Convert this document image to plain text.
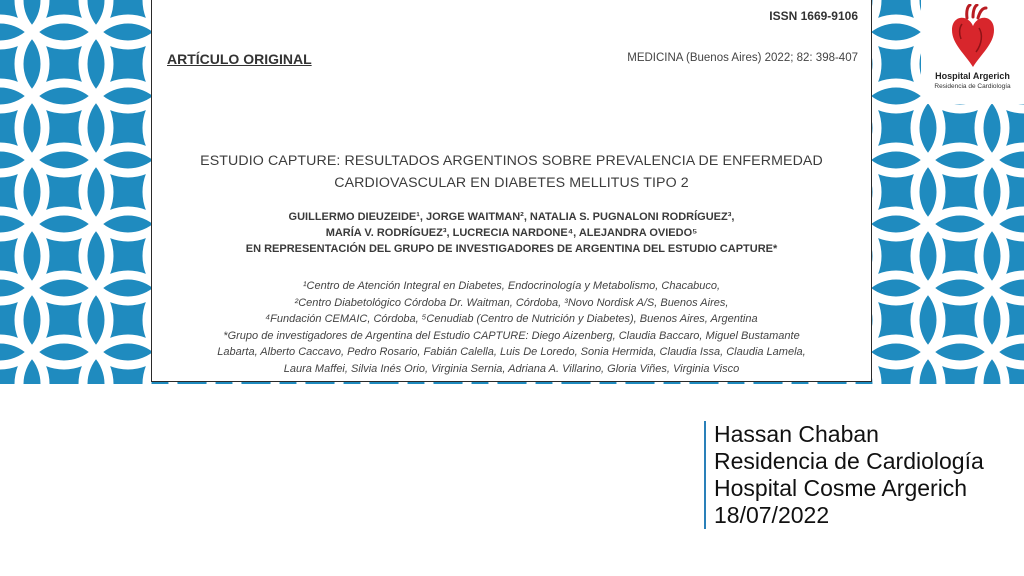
ISSN 1669-9106
ARTÍCULO ORIGINAL	MEDICINA (Buenos Aires) 2022; 82: 398-407
ESTUDIO CAPTURE: RESULTADOS ARGENTINOS SOBRE PREVALENCIA DE ENFERMEDAD
CARDIOVASCULAR EN DIABETES MELLITUS TIPO 2
GUILLERMO DIEUZEIDE¹, JORGE WAITMAN², NATALIA S. PUGNALONI RODRÍGUEZ³,
MARÍA V. RODRÍGUEZ³, LUCRECIA NARDONE⁴, ALEJANDRA OVIEDO⁵
EN REPRESENTACIÓN DEL GRUPO DE INVESTIGADORES DE ARGENTINA DEL ESTUDIO CAPTURE*
¹Centro de Atención Integral en Diabetes, Endocrinología y Metabolismo, Chacabuco,
²Centro Diabetológico Córdoba Dr. Waitman, Córdoba, ³Novo Nordisk A/S, Buenos Aires,
⁴Fundación CEMAIC, Córdoba, ⁵Cenudiab (Centro de Nutrición y Diabetes), Buenos Aires, Argentina
*Grupo de investigadores de Argentina del Estudio CAPTURE: Diego Aizenberg, Claudia Baccaro, Miguel Bustamante
Labarta, Alberto Caccavo, Pedro Rosario, Fabián Calella, Luis De Loredo, Sonia Hermida, Claudia Issa, Claudia Lamela,
Laura Maffei, Silvia Inés Orio, Virginia Sernia, Adriana A. Villarino, Gloria Viñes, Virginia Visco
Hospital Argerich
Residencia de Cardiología
Hassan Chaban
Residencia de Cardiología
Hospital Cosme Argerich
18/07/2022
